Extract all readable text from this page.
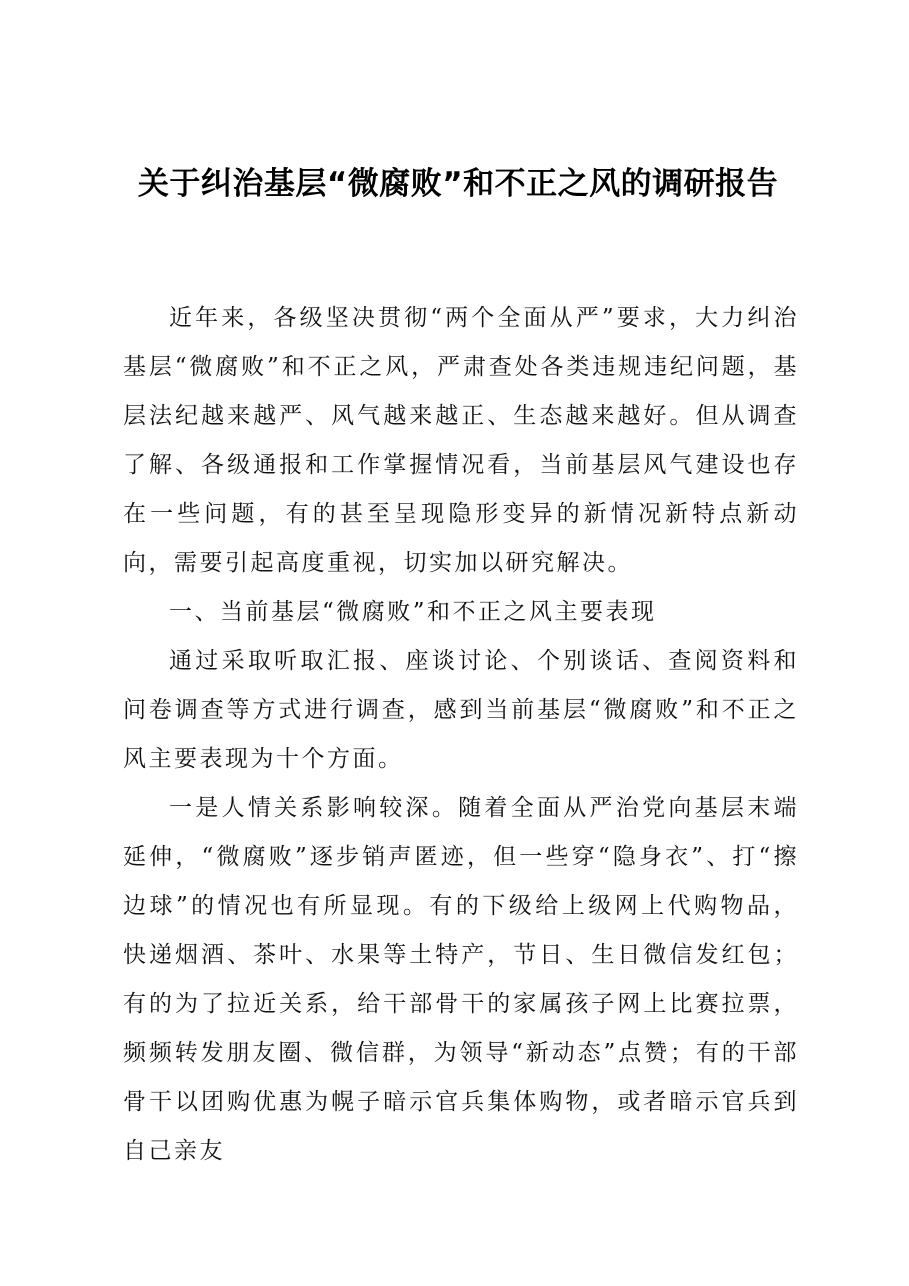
关于纠治基层“微腐败”和不正之风的调研报告

近年来，各级坚决贯彻“两个全面从严”要求，大力纠治基层“微腐败”和不正之风，严肃查处各类违规违纪问题，基层法纪越来越严、风气越来越正、生态越来越好。但从调查了解、各级通报和工作掌握情况看，当前基层风气建设也存在一些问题，有的甚至呈现隐形变异的新情况新特点新动向，需要引起高度重视，切实加以研究解决。

一、当前基层“微腐败”和不正之风主要表现

通过采取听取汇报、座谈讨论、个别谈话、查阅资料和问卷调查等方式进行调查，感到当前基层“微腐败”和不正之风主要表现为十个方面。

一是人情关系影响较深。随着全面从严治党向基层末端延伸，“微腐败”逐步销声匿迹，但一些穿“隐身衣”、打“擦边球”的情况也有所显现。有的下级给上级网上代购物品，快递烟酒、茶叶、水果等土特产，节日、生日微信发红包；有的为了拉近关系，给干部骨干的家属孩子网上比赛拉票，频频转发朋友圈、微信群，为领导“新动态”点赞；有的干部骨干以团购优惠为幌子暗示官兵集体购物，或者暗示官兵到自己亲友
